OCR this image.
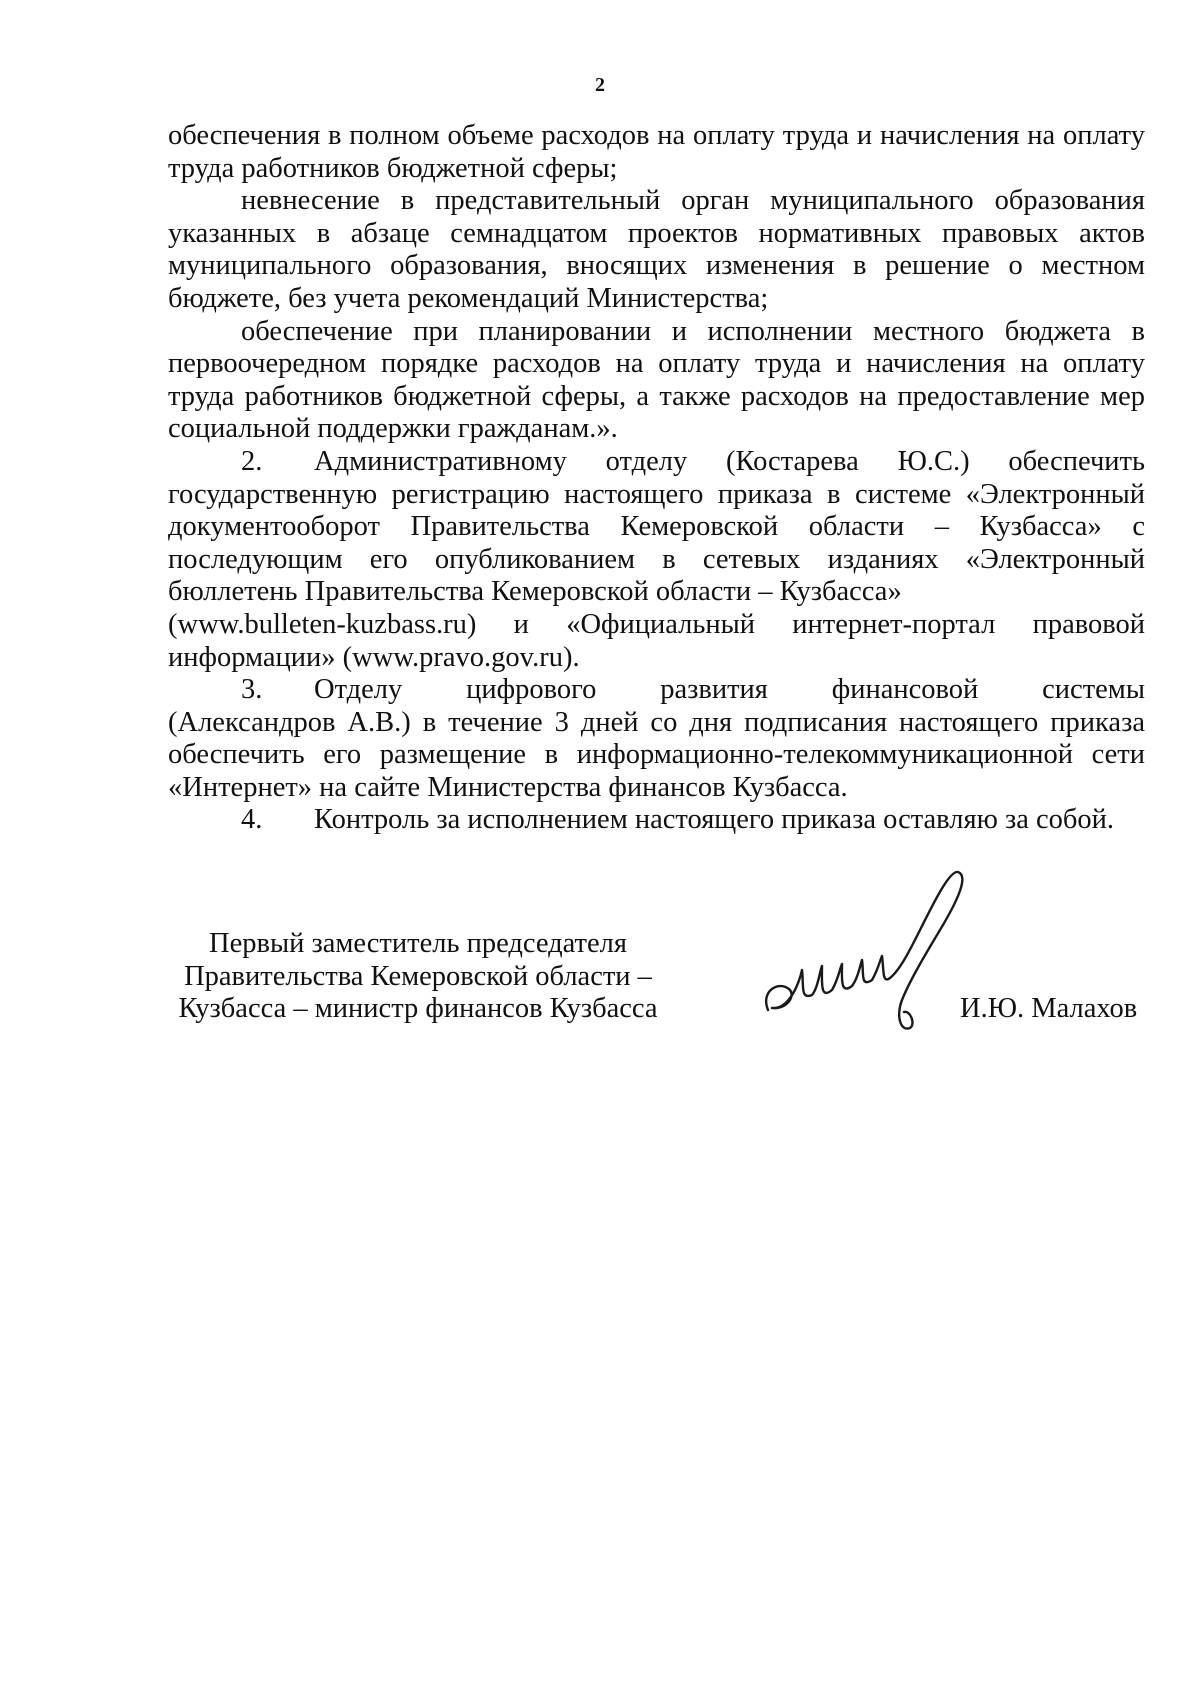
2

обеспечения в полном объеме расходов на оплату труда и начисления на оплату труда работников бюджетной сферы;

невнесение в представительный орган муниципального образования указанных в абзаце семнадцатом проектов нормативных правовых актов муниципального образования, вносящих изменения в решение о местном бюджете, без учета рекомендаций Министерства;

обеспечение при планировании и исполнении местного бюджета в первоочередном порядке расходов на оплату труда и начисления на оплату труда работников бюджетной сферы, а также расходов на предоставление мер социальной поддержки гражданам.».

2. Административному отделу (Костарева Ю.С.) обеспечить

государственную регистрацию настоящего приказа в системе «Электронный документооборот Правительства Кемеровской области – Кузбасса» с последующим его опубликованием в сетевых изданиях «Электронный

бюллетень Правительства Кемеровской области – Кузбасса»

(www.bulleten-kuzbass.ru) и «Официальный интернет-портал правовой информации» (www.pravo.gov.ru).

3. Отделу цифрового развития финансовой системы

(Александров А.В.) в течение 3 дней со дня подписания настоящего приказа обеспечить его размещение в информационно-телекоммуникационной сети «Интернет» на сайте Министерства финансов Кузбасса.

4. Контроль за исполнением настоящего приказа оставляю за собой.

Первый заместитель председателя
Правительства Кемеровской области –
Кузбасса – министр финансов Кузбасса	И.Ю. Малахов
